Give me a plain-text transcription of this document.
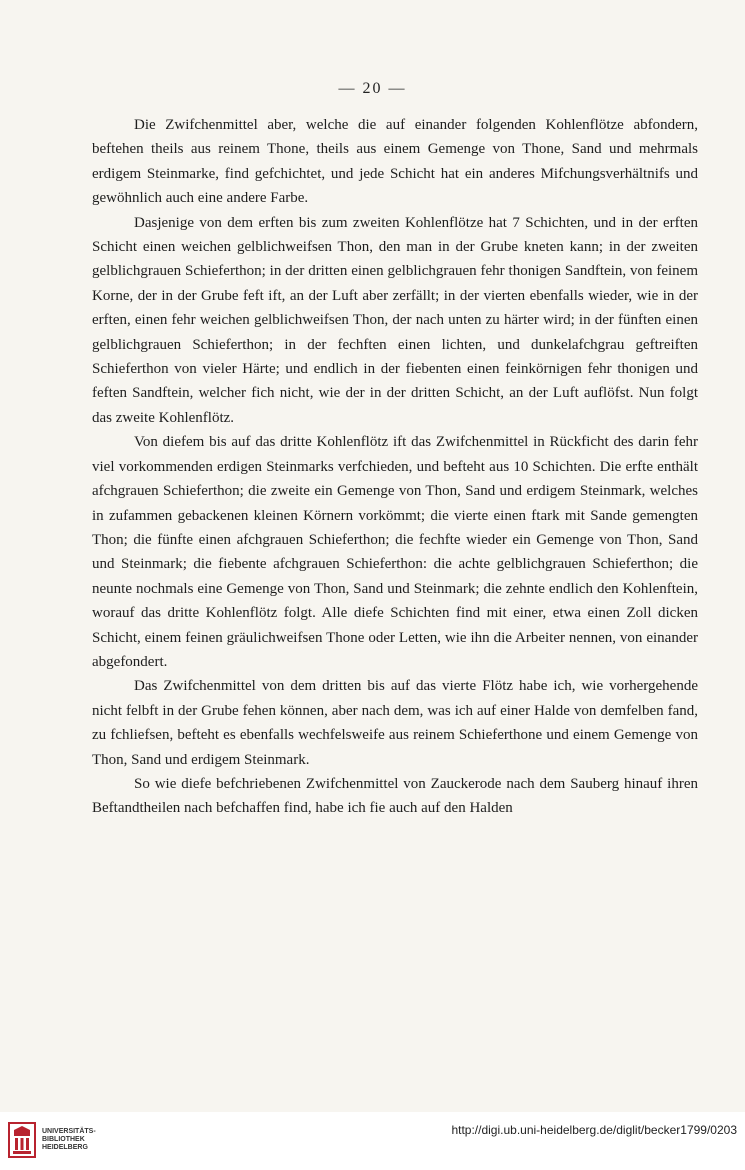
— 20 —

Die Zwifchenmittel aber, welche die auf einander folgenden Kohlenflötze abfondern, beftehen theils aus reinem Thone, theils aus einem Gemenge von Thone, Sand und mehrmals erdigem Steinmarke, find gefchichtet, und jede Schicht hat ein anderes Mifchungsverhältnifs und gewöhnlich auch eine andere Farbe.

Dasjenige von dem erften bis zum zweiten Kohlenflötze hat 7 Schichten, und in der erften Schicht einen weichen gelblichweifsen Thon, den man in der Grube kneten kann; in der zweiten gelblichgrauen Schieferthon; in der dritten einen gelblichgrauen fehr thonigen Sandftein, von feinem Korne, der in der Grube feft ift, an der Luft aber zerfällt; in der vierten ebenfalls wieder, wie in der erften, einen fehr weichen gelblichweifsen Thon, der nach unten zu härter wird; in der fünften einen gelblichgrauen Schieferthon; in der fechften einen lichten, und dunkelafchgrau geftreiften Schieferthon von vieler Härte; und endlich in der fiebenten einen feinkörnigen fehr thonigen und feften Sandftein, welcher fich nicht, wie der in der dritten Schicht, an der Luft auflöfst. Nun folgt das zweite Kohlenflötz.

Von diefem bis auf das dritte Kohlenflötz ift das Zwifchenmittel in Rückficht des darin fehr viel vorkommenden erdigen Steinmarks verfchieden, und befteht aus 10 Schichten. Die erfte enthält afchgrauen Schieferthon; die zweite ein Gemenge von Thon, Sand und erdigem Steinmark, welches in zufammen gebackenen kleinen Körnern vorkömmt; die vierte einen ftark mit Sande gemengten Thon; die fünfte einen afchgrauen Schieferthon; die fechfte wieder ein Gemenge von Thon, Sand und Steinmark; die fiebente afchgrauen Schieferthon: die achte gelblichgrauen Schieferthon; die neunte nochmals eine Gemenge von Thon, Sand und Steinmark; die zehnte endlich den Kohlenftein, worauf das dritte Kohlenflötz folgt. Alle diefe Schichten find mit einer, etwa einen Zoll dicken Schicht, einem feinen gräulichweifsen Thone oder Letten, wie ihn die Arbeiter nennen, von einander abgefondert.

Das Zwifchenmittel von dem dritten bis auf das vierte Flötz habe ich, wie vorhergehende nicht felbft in der Grube fehen können, aber nach dem, was ich auf einer Halde von demfelben fand, zu fchliefsen, befteht es ebenfalls wechfelsweife aus reinem Schieferthone und einem Gemenge von Thon, Sand und erdigem Steinmark.

So wie diefe befchriebenen Zwifchenmittel von Zauckerode nach dem Sauberg hinauf ihren Beftandtheilen nach befchaffen find, habe ich fie auch auf den Halden

UNIVERSITÄTS-
BIBLIOTHEK
HEIDELBERG
http://digi.ub.uni-heidelberg.de/diglit/becker1799/0203
